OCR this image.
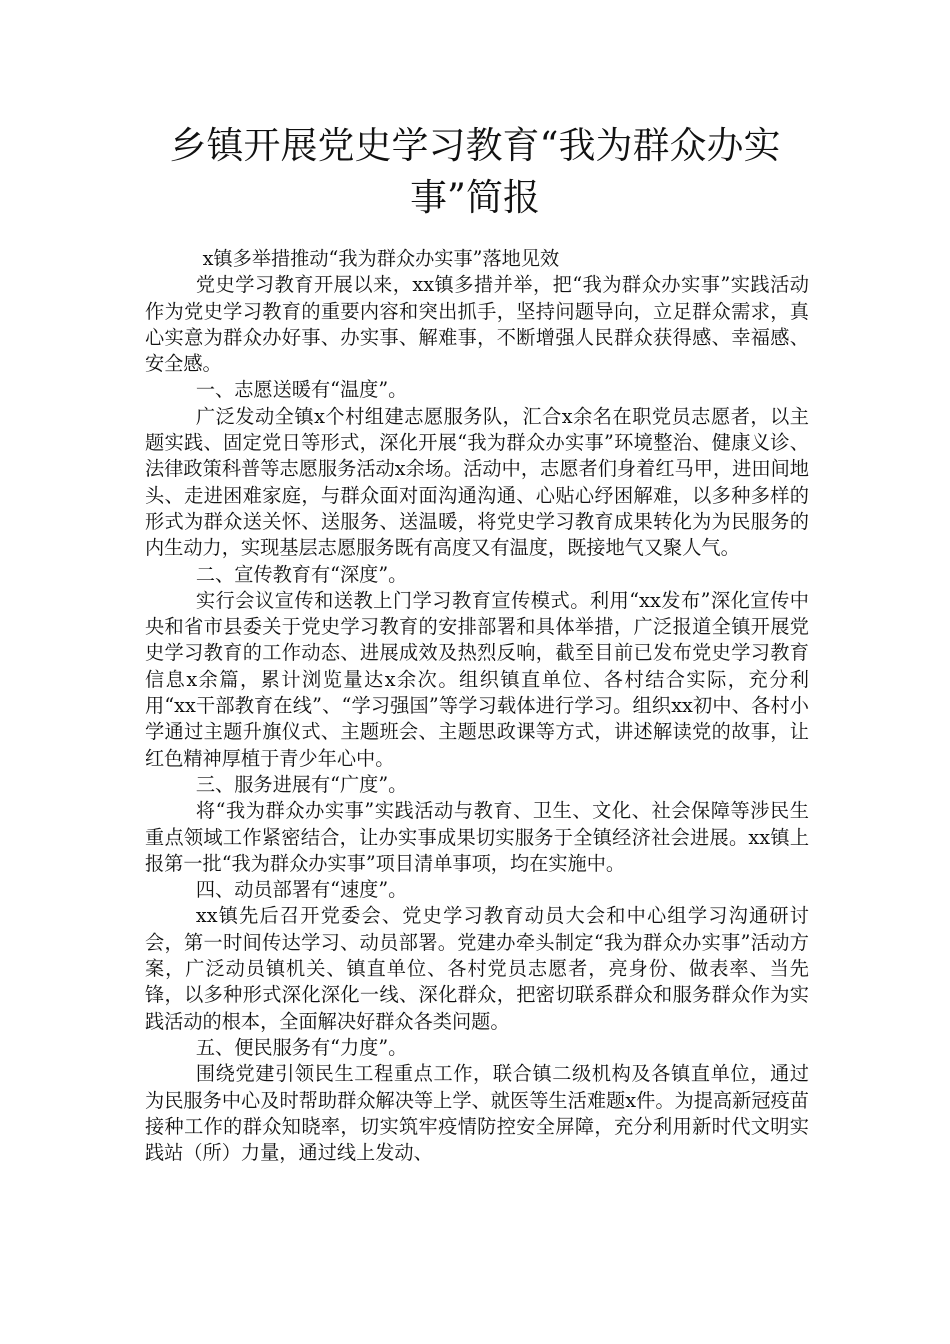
乡镇开展党史学习教育“我为群众办实
事”简报

x镇多举措推动“我为群众办实事”落地见效

党史学习教育开展以来，xx镇多措并举，把“我为群众办实事”实践活动作为党史学习教育的重要内容和突出抓手，坚持问题导向，立足群众需求，真心实意为群众办好事、办实事、解难事，不断增强人民群众获得感、幸福感、安全感。

一、志愿送暖有“温度”。

广泛发动全镇x个村组建志愿服务队，汇合x余名在职党员志愿者，以主题实践、固定党日等形式，深化开展“我为群众办实事”环境整治、健康义诊、法律政策科普等志愿服务活动x余场。活动中，志愿者们身着红马甲，进田间地头、走进困难家庭，与群众面对面沟通沟通、心贴心纾困解难，以多种多样的形式为群众送关怀、送服务、送温暖，将党史学习教育成果转化为为民服务的内生动力，实现基层志愿服务既有高度又有温度，既接地气又聚人气。

二、宣传教育有“深度”。

实行会议宣传和送教上门学习教育宣传模式。利用“xx发布”深化宣传中央和省市县委关于党史学习教育的安排部署和具体举措，广泛报道全镇开展党史学习教育的工作动态、进展成效及热烈反响，截至目前已发布党史学习教育信息x余篇，累计浏览量达x余次。组织镇直单位、各村结合实际，充分利用“xx干部教育在线”、“学习强国”等学习载体进行学习。组织xx初中、各村小学通过主题升旗仪式、主题班会、主题思政课等方式，讲述解读党的故事，让红色精神厚植于青少年心中。

三、服务进展有“广度”。

将“我为群众办实事”实践活动与教育、卫生、文化、社会保障等涉民生重点领域工作紧密结合，让办实事成果切实服务于全镇经济社会进展。xx镇上报第一批“我为群众办实事”项目清单事项，均在实施中。

四、动员部署有“速度”。

xx镇先后召开党委会、党史学习教育动员大会和中心组学习沟通研讨会，第一时间传达学习、动员部署。党建办牵头制定“我为群众办实事”活动方案，广泛动员镇机关、镇直单位、各村党员志愿者，亮身份、做表率、当先锋，以多种形式深化深化一线、深化群众，把密切联系群众和服务群众作为实践活动的根本，全面解决好群众各类问题。

五、便民服务有“力度”。

围绕党建引领民生工程重点工作，联合镇二级机构及各镇直单位，通过为民服务中心及时帮助群众解决等上学、就医等生活难题x件。为提高新冠疫苗接种工作的群众知晓率，切实筑牢疫情防控安全屏障，充分利用新时代文明实践站（所）力量，通过线上发动、
